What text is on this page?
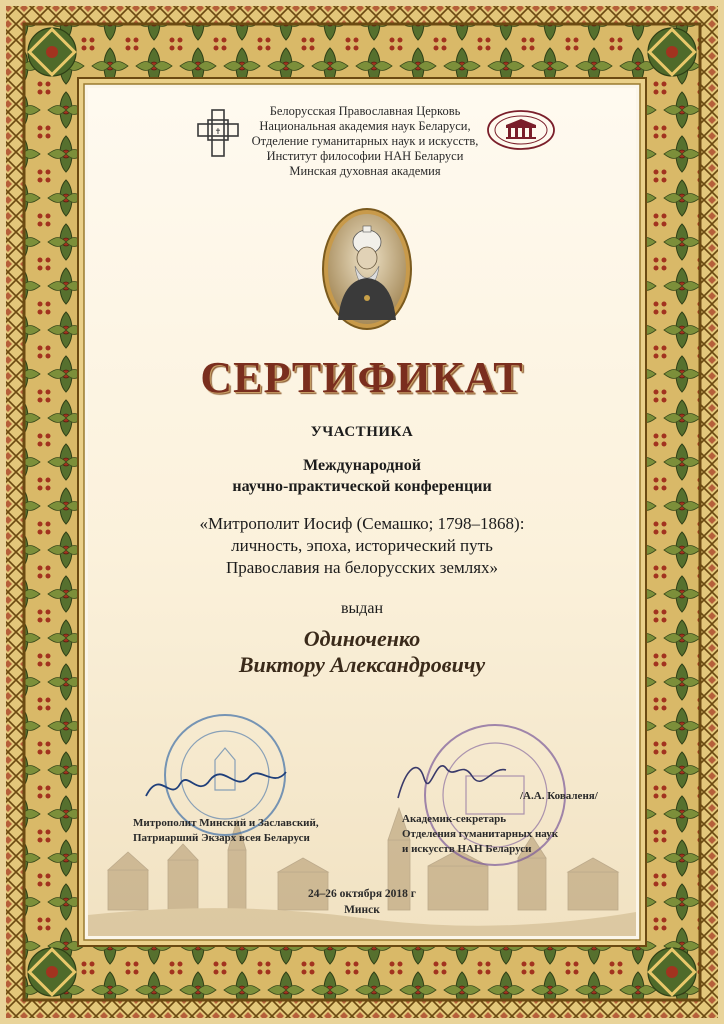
✝
Белорусская Православная Церковь
Национальная академия наук Беларуси,
Отделение гуманитарных наук и искусств,
Институт философии НАН Беларуси
Минская духовная академия
СЕРТИФИКАТ
УЧАСТНИКА
Международной
научно-практической конференции
«Митрополит Иосиф (Семашко; 1798–1868):
личность, эпоха, исторический путь
Православия на белорусских землях»
выдан
Одиноченко
Виктору Александровичу
Митрополит Минский и Заславский,
Патриарший Экзарх всея Беларуси
/А.А. Коваленя/
Академик-секретарь
Отделения гуманитарных наук
и искусств НАН Беларуси
24–26 октября 2018 г
Минск
